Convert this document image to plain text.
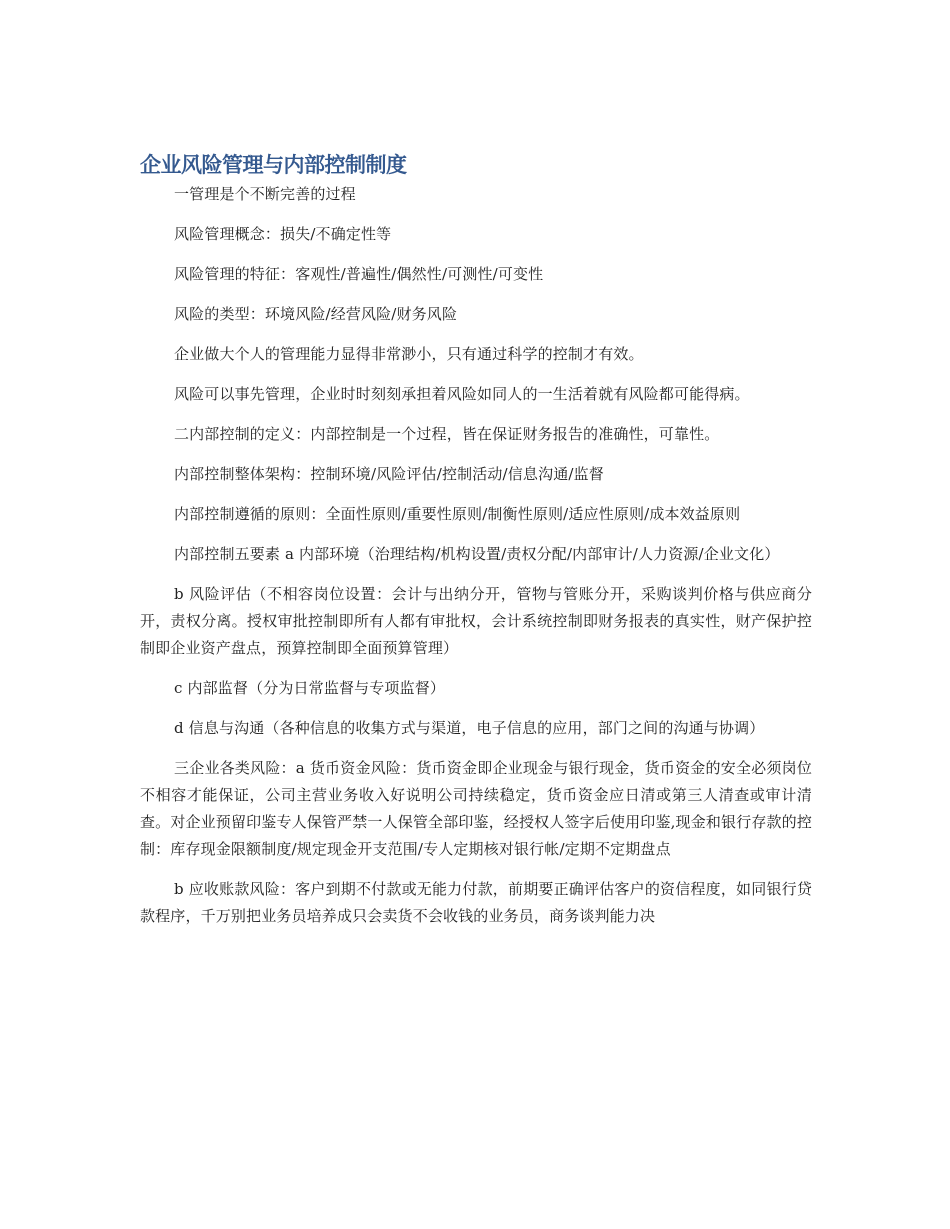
企业风险管理与内部控制制度

一管理是个不断完善的过程

风险管理概念：损失/不确定性等

风险管理的特征：客观性/普遍性/偶然性/可测性/可变性

风险的类型：环境风险/经营风险/财务风险

企业做大个人的管理能力显得非常渺小，只有通过科学的控制才有效。

风险可以事先管理，企业时时刻刻承担着风险如同人的一生活着就有风险都可能得病。

二内部控制的定义：内部控制是一个过程，皆在保证财务报告的准确性，可靠性。

内部控制整体架构：控制环境/风险评估/控制活动/信息沟通/监督

内部控制遵循的原则：全面性原则/重要性原则/制衡性原则/适应性原则/成本效益原则

内部控制五要素 a 内部环境（治理结构/机构设置/责权分配/内部审计/人力资源/企业文化）

b 风险评估（不相容岗位设置：会计与出纳分开，管物与管账分开，采购谈判价格与供应商分开，责权分离。授权审批控制即所有人都有审批权，会计系统控制即财务报表的真实性，财产保护控制即企业资产盘点，预算控制即全面预算管理）

c 内部监督（分为日常监督与专项监督）

d 信息与沟通（各种信息的收集方式与渠道，电子信息的应用，部门之间的沟通与协调）

三企业各类风险：a 货币资金风险：货币资金即企业现金与银行现金，货币资金的安全必须岗位不相容才能保证，公司主营业务收入好说明公司持续稳定，货币资金应日清或第三人清查或审计清查。对企业预留印鉴专人保管严禁一人保管全部印鉴，经授权人签字后使用印鉴,现金和银行存款的控制：库存现金限额制度/规定现金开支范围/专人定期核对银行帐/定期不定期盘点

b 应收账款风险：客户到期不付款或无能力付款，前期要正确评估客户的资信程度，如同银行贷款程序，千万别把业务员培养成只会卖货不会收钱的业务员，商务谈判能力决
